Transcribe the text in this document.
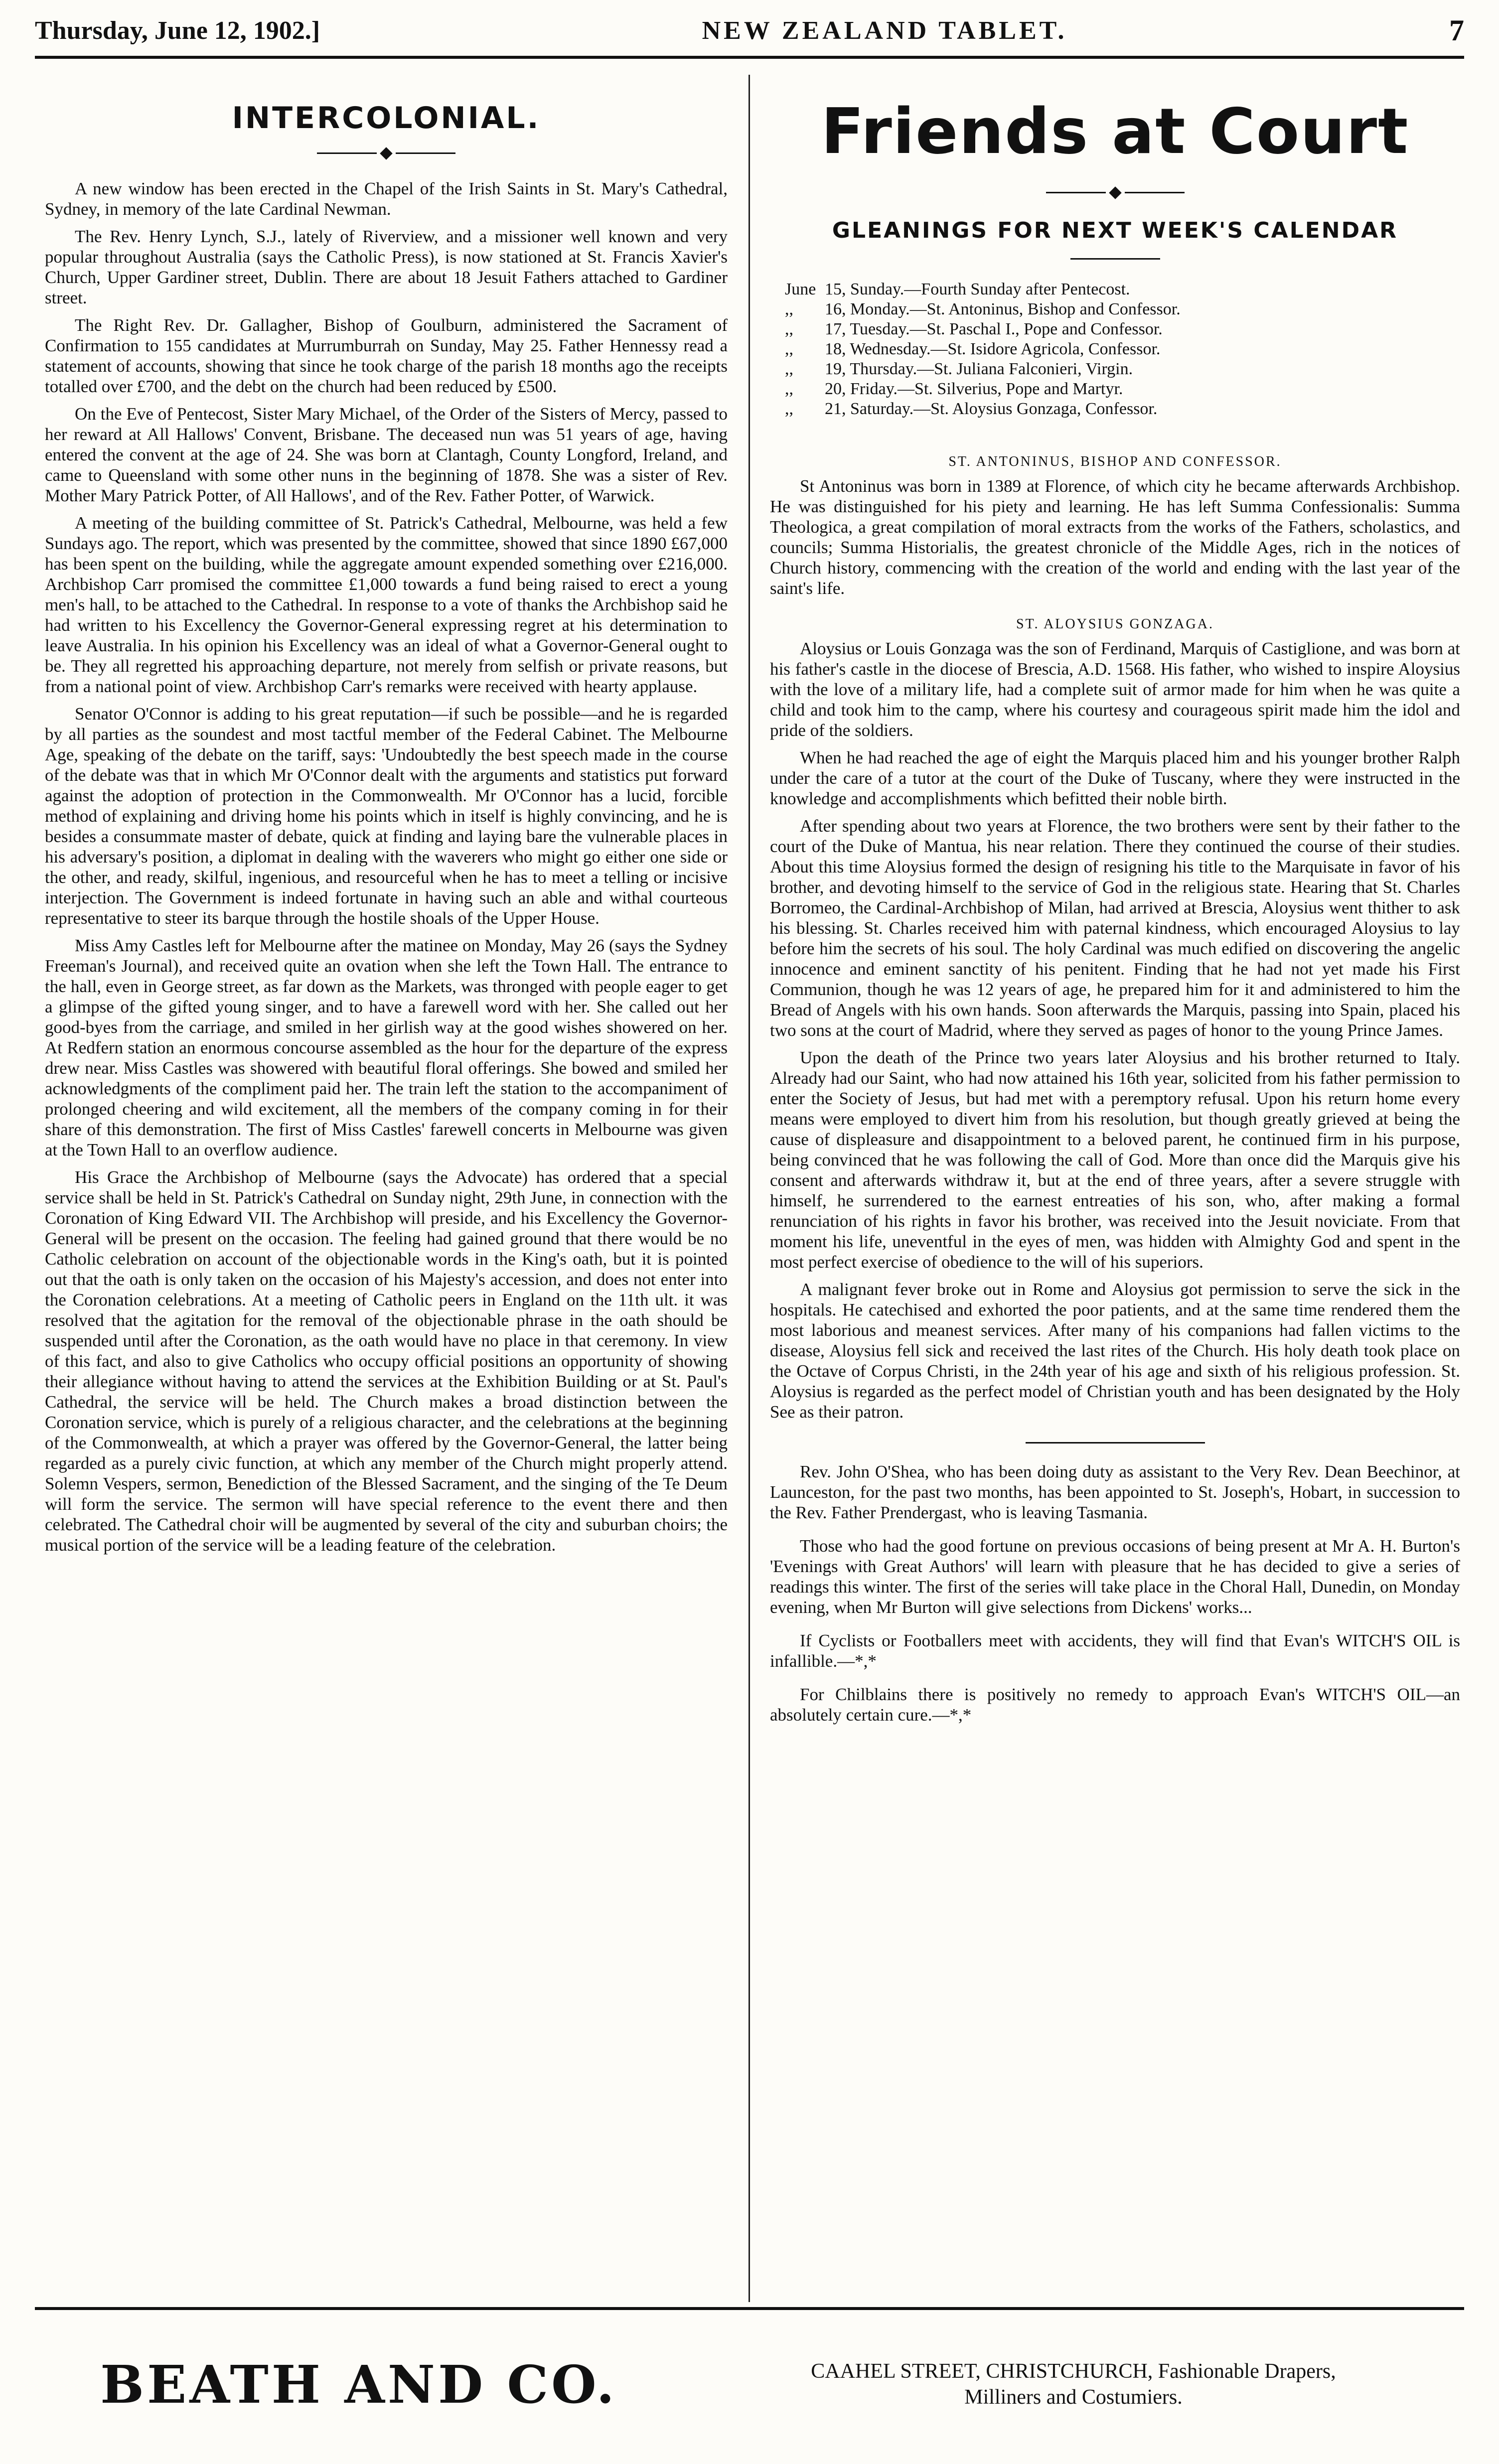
Thursday, June 12, 1902.]	NEW ZEALAND TABLET.	7
INTERCOLONIAL.

A new window has been erected in the Chapel of the Irish Saints in St. Mary's Cathedral, Sydney, in memory of the late Cardinal Newman.

The Rev. Henry Lynch, S.J., lately of Riverview, and a missioner well known and very popular throughout Australia (says the Catholic Press), is now stationed at St. Francis Xavier's Church, Upper Gardiner street, Dublin. There are about 18 Jesuit Fathers attached to Gardiner street.

The Right Rev. Dr. Gallagher, Bishop of Goulburn, administered the Sacrament of Confirmation to 155 candidates at Murrumburrah on Sunday, May 25. Father Hennessy read a statement of accounts, showing that since he took charge of the parish 18 months ago the receipts totalled over £700, and the debt on the church had been reduced by £500.

On the Eve of Pentecost, Sister Mary Michael, of the Order of the Sisters of Mercy, passed to her reward at All Hallows' Convent, Brisbane. The deceased nun was 51 years of age, having entered the convent at the age of 24. She was born at Clantagh, County Longford, Ireland, and came to Queensland with some other nuns in the beginning of 1878. She was a sister of Rev. Mother Mary Patrick Potter, of All Hallows', and of the Rev. Father Potter, of Warwick.

A meeting of the building committee of St. Patrick's Cathedral, Melbourne, was held a few Sundays ago. The report, which was presented by the committee, showed that since 1890 £67,000 has been spent on the building, while the aggregate amount expended something over £216,000. Archbishop Carr promised the committee £1,000 towards a fund being raised to erect a young men's hall, to be attached to the Cathedral. In response to a vote of thanks the Archbishop said he had written to his Excellency the Governor-General expressing regret at his determination to leave Australia. In his opinion his Excellency was an ideal of what a Governor-General ought to be. They all regretted his approaching departure, not merely from selfish or private reasons, but from a national point of view. Archbishop Carr's remarks were received with hearty applause.

Senator O'Connor is adding to his great reputation—if such be possible—and he is regarded by all parties as the soundest and most tactful member of the Federal Cabinet. The Melbourne Age, speaking of the debate on the tariff, says: 'Undoubtedly the best speech made in the course of the debate was that in which Mr O'Connor dealt with the arguments and statistics put forward against the adoption of protection in the Commonwealth. Mr O'Connor has a lucid, forcible method of explaining and driving home his points which in itself is highly convincing, and he is besides a consummate master of debate, quick at finding and laying bare the vulnerable places in his adversary's position, a diplomat in dealing with the waverers who might go either one side or the other, and ready, skilful, ingenious, and resourceful when he has to meet a telling or incisive interjection. The Government is indeed fortunate in having such an able and withal courteous representative to steer its barque through the hostile shoals of the Upper House.

Miss Amy Castles left for Melbourne after the matinee on Monday, May 26 (says the Sydney Freeman's Journal), and received quite an ovation when she left the Town Hall. The entrance to the hall, even in George street, as far down as the Markets, was thronged with people eager to get a glimpse of the gifted young singer, and to have a farewell word with her. She called out her good-byes from the carriage, and smiled in her girlish way at the good wishes showered on her. At Redfern station an enormous concourse assembled as the hour for the departure of the express drew near. Miss Castles was showered with beautiful floral offerings. She bowed and smiled her acknowledgments of the compliment paid her. The train left the station to the accompaniment of prolonged cheering and wild excitement, all the members of the company coming in for their share of this demonstration. The first of Miss Castles' farewell concerts in Melbourne was given at the Town Hall to an overflow audience.

His Grace the Archbishop of Melbourne (says the Advocate) has ordered that a special service shall be held in St. Patrick's Cathedral on Sunday night, 29th June, in connection with the Coronation of King Edward VII. The Archbishop will preside, and his Excellency the Governor-General will be present on the occasion. The feeling had gained ground that there would be no Catholic celebration on account of the objectionable words in the King's oath, but it is pointed out that the oath is only taken on the occasion of his Majesty's accession, and does not enter into the Coronation celebrations. At a meeting of Catholic peers in England on the 11th ult. it was resolved that the agitation for the removal of the objectionable phrase in the oath should be suspended until after the Coronation, as the oath would have no place in that ceremony. In view of this fact, and also to give Catholics who occupy official positions an opportunity of showing their allegiance without having to attend the services at the Exhibition Building or at St. Paul's Cathedral, the service will be held. The Church makes a broad distinction between the Coronation service, which is purely of a religious character, and the celebrations at the beginning of the Commonwealth, at which a prayer was offered by the Governor-General, the latter being regarded as a purely civic function, at which any member of the Church might properly attend. Solemn Vespers, sermon, Benediction of the Blessed Sacrament, and the singing of the Te Deum will form the service. The sermon will have special reference to the event there and then celebrated. The Cathedral choir will be augmented by several of the city and suburban choirs; the musical portion of the service will be a leading feature of the celebration.

Friends at Court
GLEANINGS FOR NEXT WEEK'S CALENDAR
June 15, Sunday.—Fourth Sunday after Pentecost.
,, 16, Monday.—St. Antoninus, Bishop and Confessor.
,, 17, Tuesday.—St. Paschal I., Pope and Confessor.
,, 18, Wednesday.—St. Isidore Agricola, Confessor.
,, 19, Thursday.—St. Juliana Falconieri, Virgin.
,, 20, Friday.—St. Silverius, Pope and Martyr.
,, 21, Saturday.—St. Aloysius Gonzaga, Confessor.
ST. ANTONINUS, BISHOP AND CONFESSOR.

St Antoninus was born in 1389 at Florence, of which city he became afterwards Archbishop. He was distinguished for his piety and learning. He has left Summa Confessionalis: Summa Theologica, a great compilation of moral extracts from the works of the Fathers, scholastics, and councils; Summa Historialis, the greatest chronicle of the Middle Ages, rich in the notices of Church history, commencing with the creation of the world and ending with the last year of the saint's life.

ST. ALOYSIUS GONZAGA.

Aloysius or Louis Gonzaga was the son of Ferdinand, Marquis of Castiglione, and was born at his father's castle in the diocese of Brescia, A.D. 1568. His father, who wished to inspire Aloysius with the love of a military life, had a complete suit of armor made for him when he was quite a child and took him to the camp, where his courtesy and courageous spirit made him the idol and pride of the soldiers.

When he had reached the age of eight the Marquis placed him and his younger brother Ralph under the care of a tutor at the court of the Duke of Tuscany, where they were instructed in the knowledge and accomplishments which befitted their noble birth.

After spending about two years at Florence, the two brothers were sent by their father to the court of the Duke of Mantua, his near relation. There they continued the course of their studies. About this time Aloysius formed the design of resigning his title to the Marquisate in favor of his brother, and devoting himself to the service of God in the religious state. Hearing that St. Charles Borromeo, the Cardinal-Archbishop of Milan, had arrived at Brescia, Aloysius went thither to ask his blessing. St. Charles received him with paternal kindness, which encouraged Aloysius to lay before him the secrets of his soul. The holy Cardinal was much edified on discovering the angelic innocence and eminent sanctity of his penitent. Finding that he had not yet made his First Communion, though he was 12 years of age, he prepared him for it and administered to him the Bread of Angels with his own hands. Soon afterwards the Marquis, passing into Spain, placed his two sons at the court of Madrid, where they served as pages of honor to the young Prince James.

Upon the death of the Prince two years later Aloysius and his brother returned to Italy. Already had our Saint, who had now attained his 16th year, solicited from his father permission to enter the Society of Jesus, but had met with a peremptory refusal. Upon his return home every means were employed to divert him from his resolution, but though greatly grieved at being the cause of displeasure and disappointment to a beloved parent, he continued firm in his purpose, being convinced that he was following the call of God. More than once did the Marquis give his consent and afterwards withdraw it, but at the end of three years, after a severe struggle with himself, he surrendered to the earnest entreaties of his son, who, after making a formal renunciation of his rights in favor his brother, was received into the Jesuit noviciate. From that moment his life, uneventful in the eyes of men, was hidden with Almighty God and spent in the most perfect exercise of obedience to the will of his superiors.

A malignant fever broke out in Rome and Aloysius got permission to serve the sick in the hospitals. He catechised and exhorted the poor patients, and at the same time rendered them the most laborious and meanest services. After many of his companions had fallen victims to the disease, Aloysius fell sick and received the last rites of the Church. His holy death took place on the Octave of Corpus Christi, in the 24th year of his age and sixth of his religious profession. St. Aloysius is regarded as the perfect model of Christian youth and has been designated by the Holy See as their patron.

Rev. John O'Shea, who has been doing duty as assistant to the Very Rev. Dean Beechinor, at Launceston, for the past two months, has been appointed to St. Joseph's, Hobart, in succession to the Rev. Father Prendergast, who is leaving Tasmania.

Those who had the good fortune on previous occasions of being present at Mr A. H. Burton's 'Evenings with Great Authors' will learn with pleasure that he has decided to give a series of readings this winter. The first of the series will take place in the Choral Hall, Dunedin, on Monday evening, when Mr Burton will give selections from Dickens' works...

If Cyclists or Footballers meet with accidents, they will find that Evan's WITCH'S OIL is infallible.—*,*

For Chilblains there is positively no remedy to approach Evan's WITCH'S OIL—an absolutely certain cure.—*,*

BEATH AND CO.	CAAHEL STREET, CHRISTCHURCH, Fashionable Drapers,
Milliners and Costumiers.
